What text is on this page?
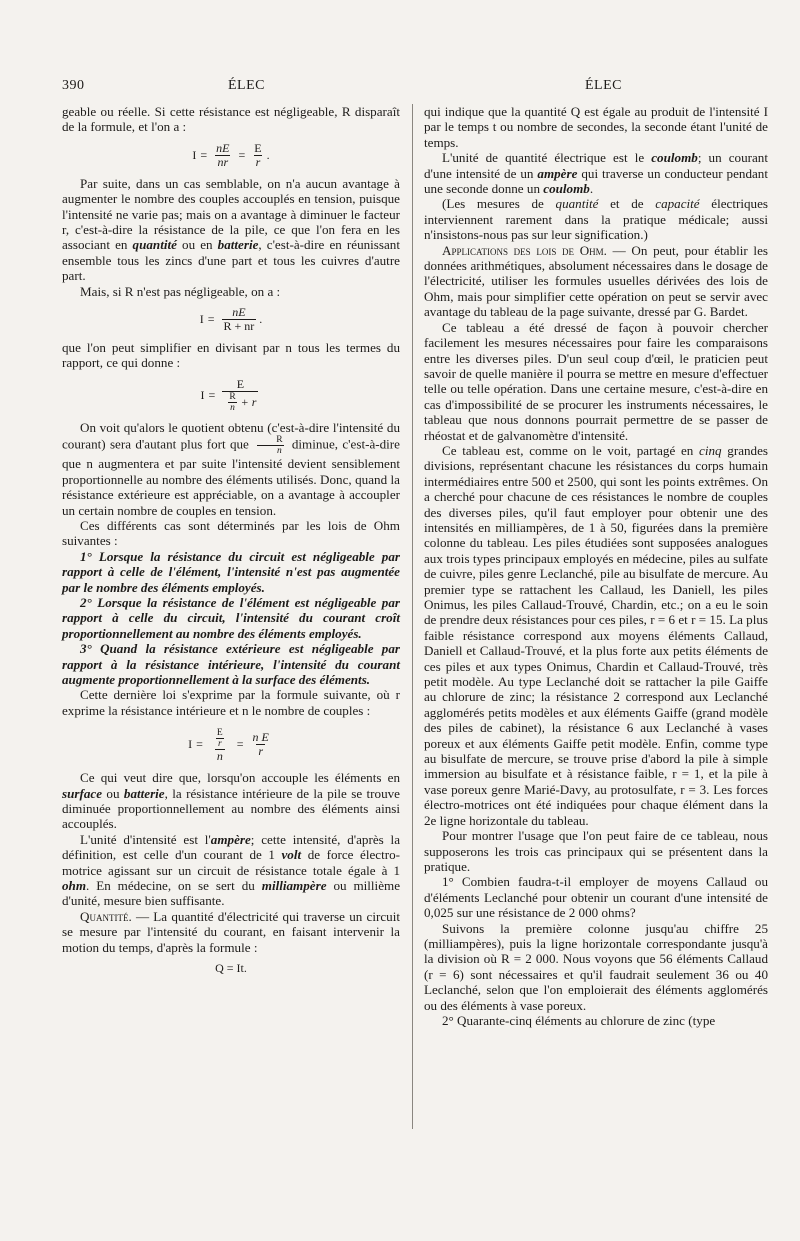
390	ÉLEC	ÉLEC

geable ou réelle. Si cette résistance est négligeable, R disparaît de la formule, et l'on a :

$I = \frac{nE}{nr} = \frac{E}{r}$ .

Par suite, dans un cas semblable, on n'a aucun avantage à augmenter le nombre des couples accouplés en tension, puisque l'intensité ne varie pas; mais on a avantage à diminuer le facteur r, c'est-à-dire la résistance de la pile, ce que l'on fera en les associant en quantité ou en batterie, c'est-à-dire en réunissant ensemble tous les zincs d'une part et tous les cuivres d'autre part.

Mais, si R n'est pas négligeable, on a :

$I = \frac{nE}{R + nr}$ .

que l'on peut simplifier en divisant par n tous les termes du rapport, ce qui donne :

$I = \frac{E}{\frac{R}{n} + r}$

On voit qu'alors le quotient obtenu (c'est-à-dire l'intensité du courant) sera d'autant plus fort que $\frac{R}{n}$ diminue, c'est-à-dire que n augmentera et par suite l'intensité devient sensiblement proportionnelle au nombre des éléments utilisés. Donc, quand la résistance extérieure est appréciable, on a avantage à accoupler un certain nombre de couples en tension.

Ces différents cas sont déterminés par les lois de Ohm suivantes :

1° Lorsque la résistance du circuit est négligeable par rapport à celle de l'élément, l'intensité n'est pas augmentée par le nombre des éléments employés.

2° Lorsque la résistance de l'élément est négligeable par rapport à celle du circuit, l'intensité du courant croît proportionnellement au nombre des éléments employés.

3° Quand la résistance extérieure est négligeable par rapport à la résistance intérieure, l'intensité du courant augmente proportionnellement à la surface des éléments.

Cette dernière loi s'exprime par la formule suivante, où r exprime la résistance intérieure et n le nombre de couples :

$I = \frac{\frac{E}{r}}{n} = \frac{\text{n E}}{r}$

Ce qui veut dire que, lorsqu'on accouple les éléments en surface ou batterie, la résistance intérieure de la pile se trouve diminuée proportionnellement au nombre des éléments ainsi accouplés.

L'unité d'intensité est l'ampère; cette intensité, d'après la définition, est celle d'un courant de 1 volt de force électro-motrice agissant sur un circuit de résistance totale égale à 1 ohm. En médecine, on se sert du milliampère ou millième d'unité, mesure bien suffisante.

Quantité. — La quantité d'électricité qui traverse un circuit se mesure par l'intensité du courant, en faisant intervenir la motion du temps, d'après la formule :

Q = It.

qui indique que la quantité Q est égale au produit de l'intensité I par le temps t ou nombre de secondes, la seconde étant l'unité de temps.

L'unité de quantité électrique est le coulomb; un courant d'une intensité de un ampère qui traverse un conducteur pendant une seconde donne un coulomb.

(Les mesures de quantité et de capacité électriques interviennent rarement dans la pratique médicale; aussi n'insistons-nous pas sur leur signification.)

Applications des lois de Ohm. — On peut, pour établir les données arithmétiques, absolument nécessaires dans le dosage de l'électricité, utiliser les formules usuelles dérivées des lois de Ohm, mais pour simplifier cette opération on peut se servir avec avantage du tableau de la page suivante, dressé par G. Bardet.

Ce tableau a été dressé de façon à pouvoir chercher facilement les mesures nécessaires pour faire les comparaisons entre les diverses piles. D'un seul coup d'œil, le praticien peut savoir de quelle manière il pourra se mettre en mesure d'effectuer telle ou telle opération. Dans une certaine mesure, c'est-à-dire en cas d'impossibilité de se procurer les instruments nécessaires, le tableau que nous donnons pourrait permettre de se passer de rhéostat et de galvanomètre d'intensité.

Ce tableau est, comme on le voit, partagé en cinq grandes divisions, représentant chacune les résistances du corps humain intermédiaires entre 500 et 2500, qui sont les points extrêmes. On a cherché pour chacune de ces résistances le nombre de couples des diverses piles, qu'il faut employer pour obtenir une des intensités en milliampères, de 1 à 50, figurées dans la première colonne du tableau. Les piles étudiées sont supposées analogues aux trois types principaux employés en médecine, piles au sulfate de cuivre, piles genre Leclanché, pile au bisulfate de mercure. Au premier type se rattachent les Callaud, les Daniell, les piles Onimus, les piles Callaud-Trouvé, Chardin, etc.; on a eu le soin de prendre deux résistances pour ces piles, r = 6 et r = 15. La plus faible résistance correspond aux moyens éléments Callaud, Daniell et Callaud-Trouvé, et la plus forte aux petits éléments de ces piles et aux types Onimus, Chardin et Callaud-Trouvé, très petit modèle. Au type Leclanché doit se rattacher la pile Gaiffe au chlorure de zinc; la résistance 2 correspond aux Leclanché agglomérés petits modèles et aux éléments Gaiffe (grand modèle des piles de cabinet), la résistance 6 aux Leclanché à vases poreux et aux éléments Gaiffe petit modèle. Enfin, comme type au bisulfate de mercure, se trouve prise d'abord la pile à simple immersion au bisulfate et à résistance faible, r = 1, et la pile à vase poreux genre Marié-Davy, au protosulfate, r = 3. Les forces électro-motrices ont été indiquées pour chaque élément dans la 2e ligne horizontale du tableau.

Pour montrer l'usage que l'on peut faire de ce tableau, nous supposerons les trois cas principaux qui se présentent dans la pratique.

1° Combien faudra-t-il employer de moyens Callaud ou d'éléments Leclanché pour obtenir un courant d'une intensité de 0,025 sur une résistance de 2 000 ohms?

Suivons la première colonne jusqu'au chiffre 25 (milliampères), puis la ligne horizontale correspondante jusqu'à la division où R = 2 000. Nous voyons que 56 éléments Callaud (r = 6) sont nécessaires et qu'il faudrait seulement 36 ou 40 Leclanché, selon que l'on emploierait des éléments agglomérés ou des éléments à vase poreux.

2° Quarante-cinq éléments au chlorure de zinc (type
